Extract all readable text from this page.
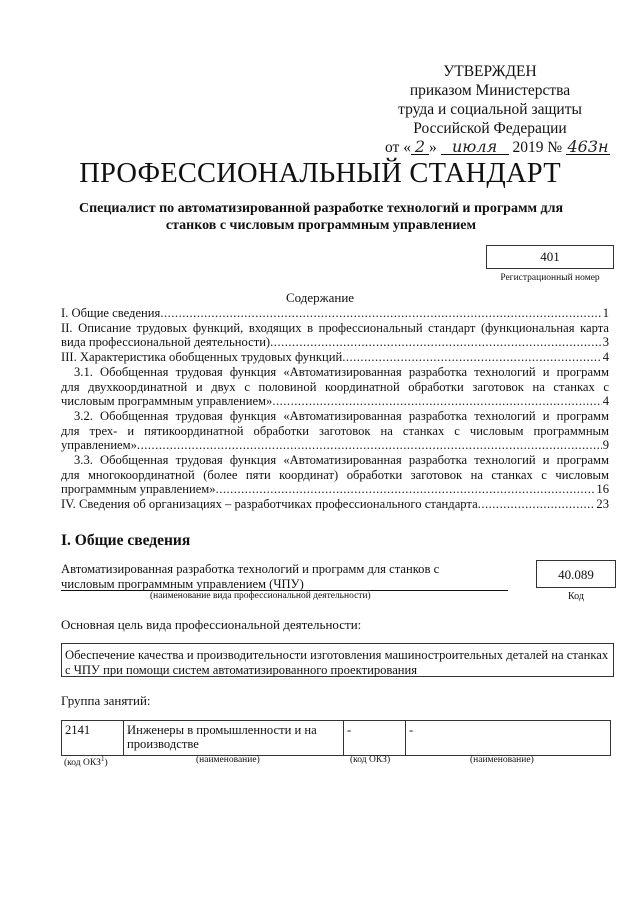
УТВЕРЖДЕН
приказом Министерства
труда и социальной защиты
Российской Федерации
от « 2 » июля 2019 № 463н
ПРОФЕССИОНАЛЬНЫЙ СТАНДАРТ
Специалист по автоматизированной разработке технологий и программ для станков с числовым программным управлением
401
Регистрационный номер
Содержание
I. Общие сведения .....	1
II. Описание трудовых функций, входящих в профессиональный стандарт (функциональная карта
вида профессиональной деятельности) .....	3
III. Характеристика обобщенных трудовых функций .....	4
3.1. Обобщенная трудовая функция «Автоматизированная разработка технологий и программ
для двухкоординатной и двух с половиной координатной обработки заготовок на станках с
числовым программным управлением» .....	4
3.2. Обобщенная трудовая функция «Автоматизированная разработка технологий и программ
для трех- и пятикоординатной обработки заготовок на станках с числовым программным
управлением» .....	9
3.3. Обобщенная трудовая функция «Автоматизированная разработка технологий и программ
для многокоординатной (более пяти координат) обработки заготовок на станках с числовым
программным управлением» .....	16
IV. Сведения об организациях – разработчиках профессионального стандарта .....	23
I. Общие сведения
Автоматизированная разработка технологий и программ для станков с
числовым программным управлением (ЧПУ)
(наименование вида профессиональной деятельности)
40.089
Код
Основная цель вида профессиональной деятельности:
Обеспечение качества и производительности изготовления машиностроительных деталей на станках с ЧПУ при помощи систем автоматизированного проектирования
Группа занятий:
2141	Инженеры в промышленности и на производстве	-	-
(код ОКЗ$^1$)	(наименование)	(код ОКЗ)	(наименование)
